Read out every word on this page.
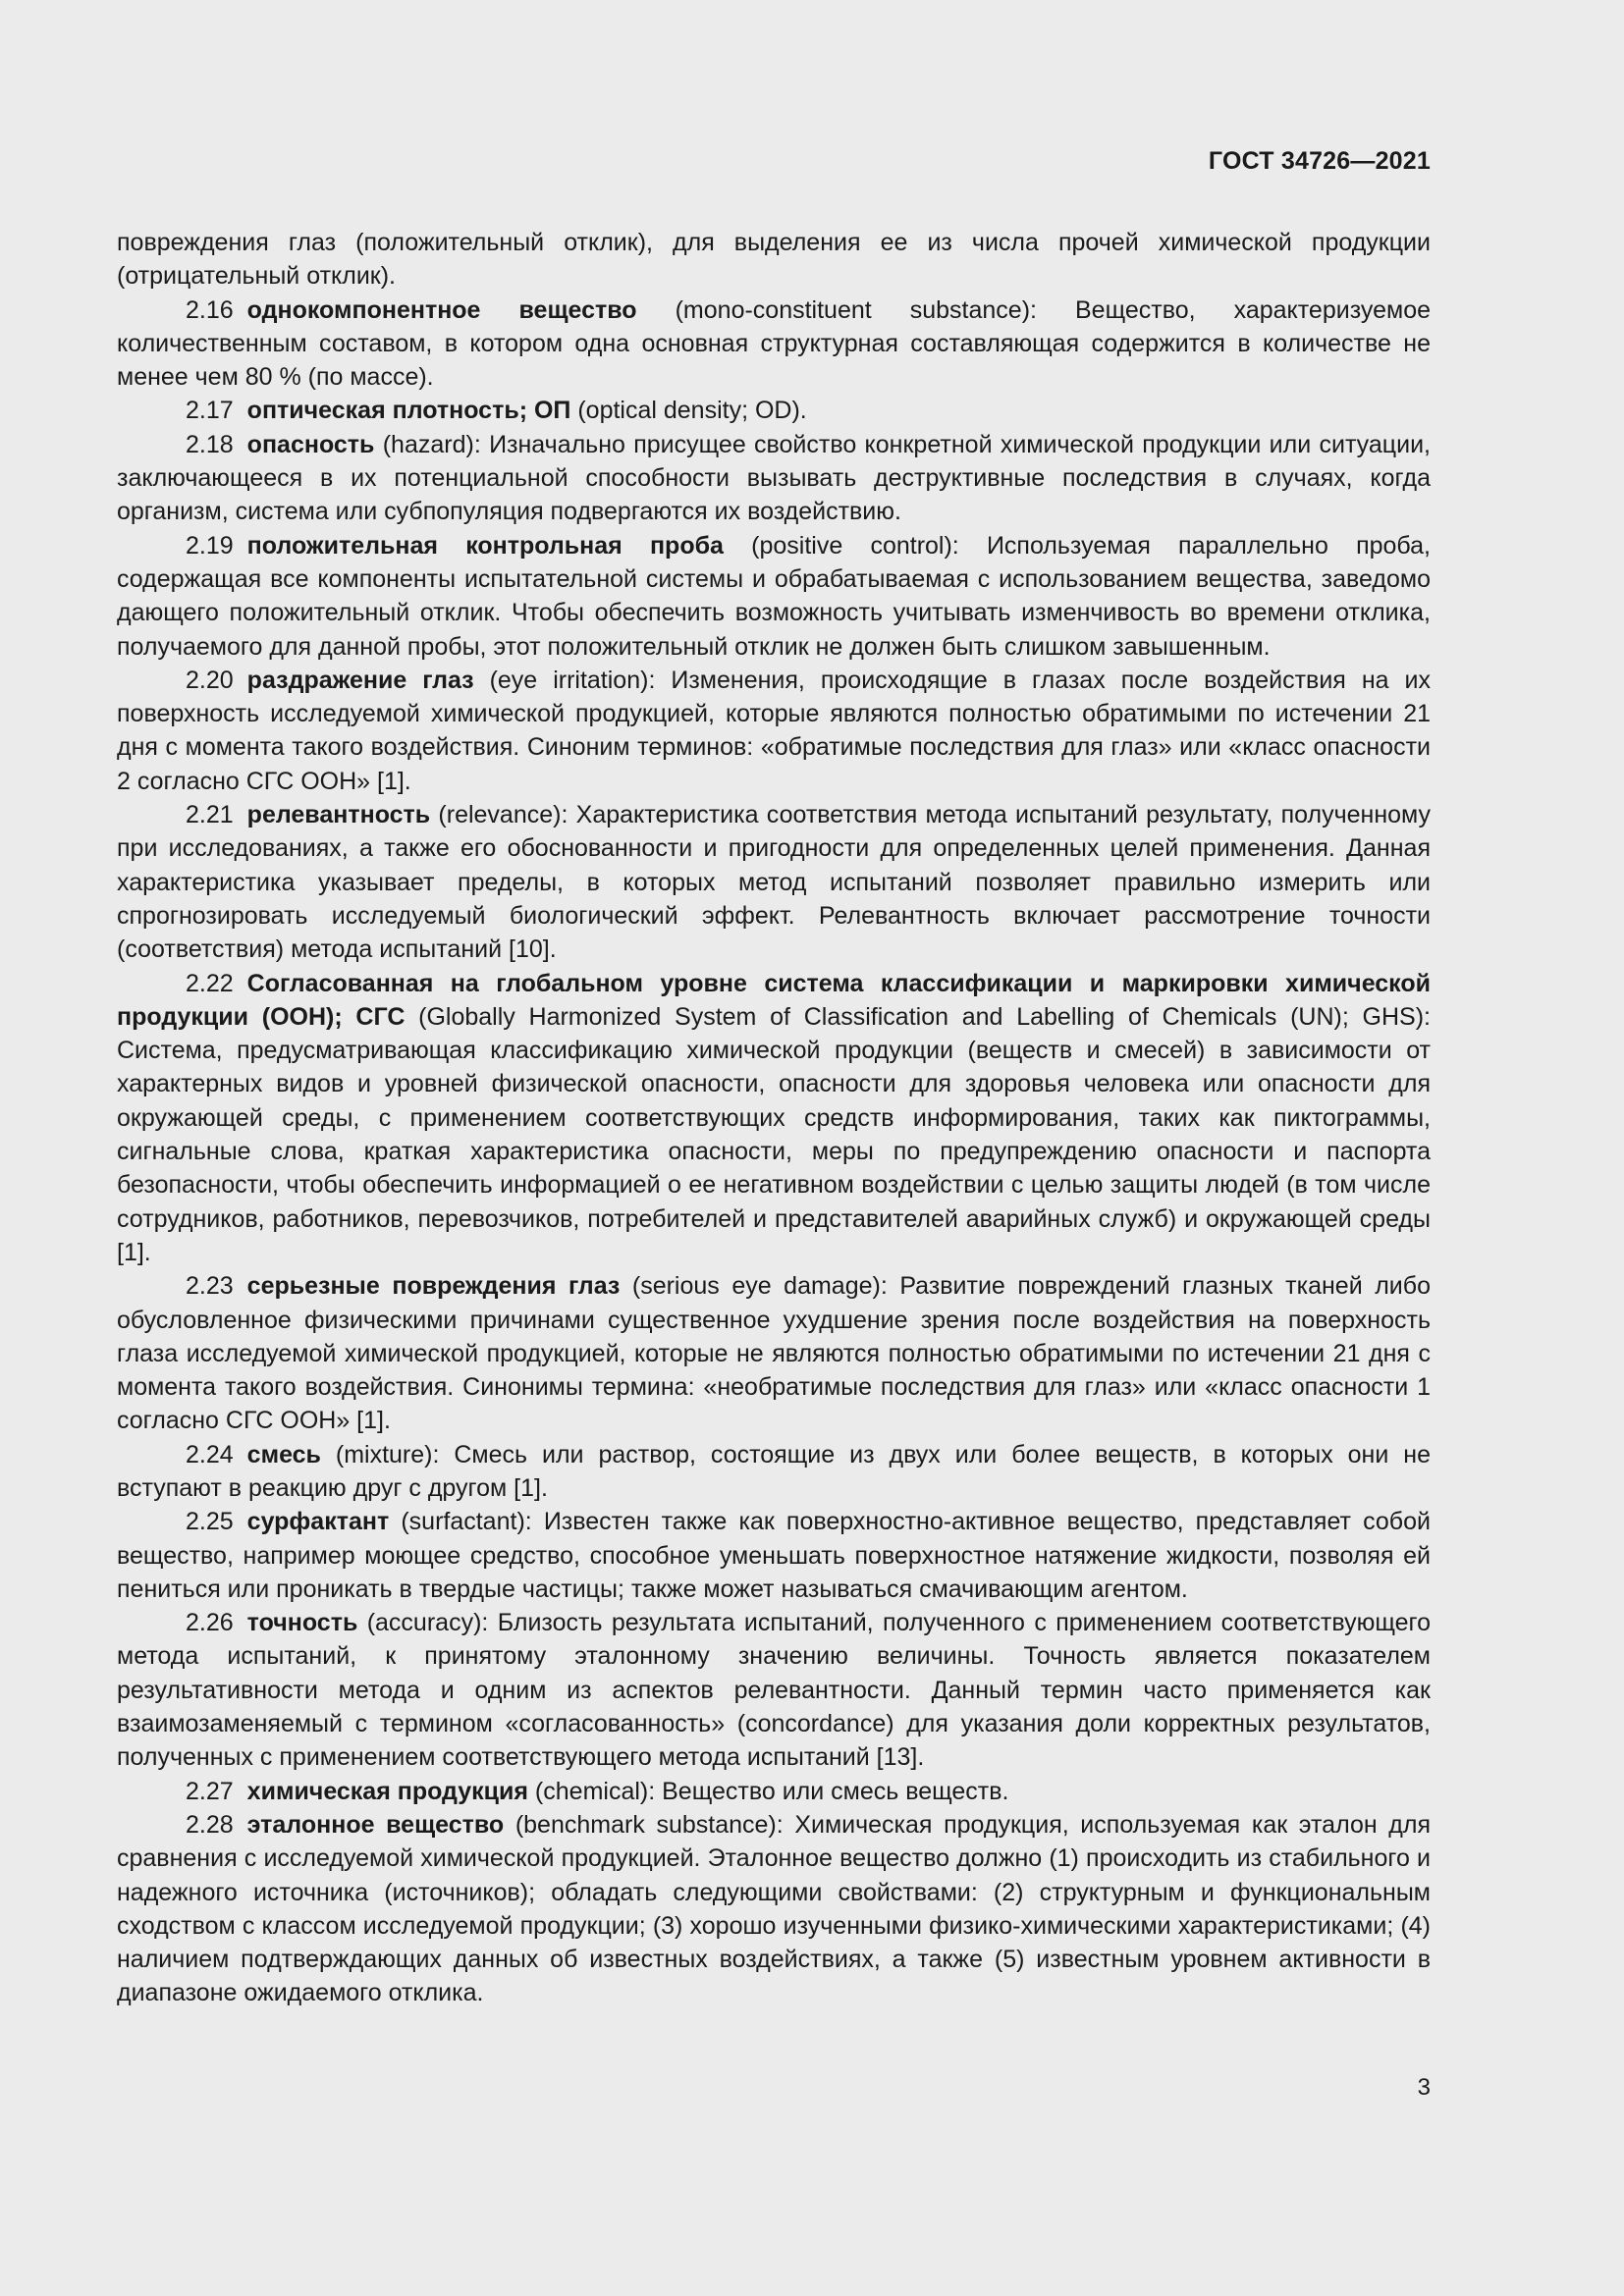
ГОСТ 34726—2021

повреждения глаз (положительный отклик), для выделения ее из числа прочей химической продукции (отрицательный отклик).

2.16 однокомпонентное вещество (mono-constituent substance): Вещество, характеризуемое количественным составом, в котором одна основная структурная составляющая содержится в количестве не менее чем 80 % (по массе).

2.17 оптическая плотность; ОП (optical density; OD).

2.18 опасность (hazard): Изначально присущее свойство конкретной химической продукции или ситуации, заключающееся в их потенциальной способности вызывать деструктивные последствия в случаях, когда организм, система или субпопуляция подвергаются их воздействию.

2.19 положительная контрольная проба (positive control): Используемая параллельно проба, содержащая все компоненты испытательной системы и обрабатываемая с использованием вещества, заведомо дающего положительный отклик. Чтобы обеспечить возможность учитывать изменчивость во времени отклика, получаемого для данной пробы, этот положительный отклик не должен быть слишком завышенным.

2.20 раздражение глаз (eye irritation): Изменения, происходящие в глазах после воздействия на их поверхность исследуемой химической продукцией, которые являются полностью обратимыми по истечении 21 дня с момента такого воздействия. Синоним терминов: «обратимые последствия для глаз» или «класс опасности 2 согласно СГС ООН» [1].

2.21 релевантность (relevance): Характеристика соответствия метода испытаний результату, полученному при исследованиях, а также его обоснованности и пригодности для определенных целей применения. Данная характеристика указывает пределы, в которых метод испытаний позволяет правильно измерить или спрогнозировать исследуемый биологический эффект. Релевантность включает рассмотрение точности (соответствия) метода испытаний [10].

2.22 Согласованная на глобальном уровне система классификации и маркировки химической продукции (ООН); СГС (Globally Harmonized System of Classification and Labelling of Chemicals (UN); GHS): Система, предусматривающая классификацию химической продукции (веществ и смесей) в зависимости от характерных видов и уровней физической опасности, опасности для здоровья человека или опасности для окружающей среды, с применением соответствующих средств информирования, таких как пиктограммы, сигнальные слова, краткая характеристика опасности, меры по предупреждению опасности и паспорта безопасности, чтобы обеспечить информацией о ее негативном воздействии с целью защиты людей (в том числе сотрудников, работников, перевозчиков, потребителей и представителей аварийных служб) и окружающей среды [1].

2.23 серьезные повреждения глаз (serious eye damage): Развитие повреждений глазных тканей либо обусловленное физическими причинами существенное ухудшение зрения после воздействия на поверхность глаза исследуемой химической продукцией, которые не являются полностью обратимыми по истечении 21 дня с момента такого воздействия. Синонимы термина: «необратимые последствия для глаз» или «класс опасности 1 согласно СГС ООН» [1].

2.24 смесь (mixture): Смесь или раствор, состоящие из двух или более веществ, в которых они не вступают в реакцию друг с другом [1].

2.25 сурфактант (surfactant): Известен также как поверхностно-активное вещество, представляет собой вещество, например моющее средство, способное уменьшать поверхностное натяжение жидкости, позволяя ей пениться или проникать в твердые частицы; также может называться смачивающим агентом.

2.26 точность (accuracy): Близость результата испытаний, полученного с применением соответствующего метода испытаний, к принятому эталонному значению величины. Точность является показателем результативности метода и одним из аспектов релевантности. Данный термин часто применяется как взаимозаменяемый с термином «согласованность» (concordance) для указания доли корректных результатов, полученных с применением соответствующего метода испытаний [13].

2.27 химическая продукция (chemical): Вещество или смесь веществ.

2.28 эталонное вещество (benchmark substance): Химическая продукция, используемая как эталон для сравнения с исследуемой химической продукцией. Эталонное вещество должно (1) происходить из стабильного и надежного источника (источников); обладать следующими свойствами: (2) структурным и функциональным сходством с классом исследуемой продукции; (3) хорошо изученными физико-химическими характеристиками; (4) наличием подтверждающих данных об известных воздействиях, а также (5) известным уровнем активности в диапазоне ожидаемого отклика.

3
